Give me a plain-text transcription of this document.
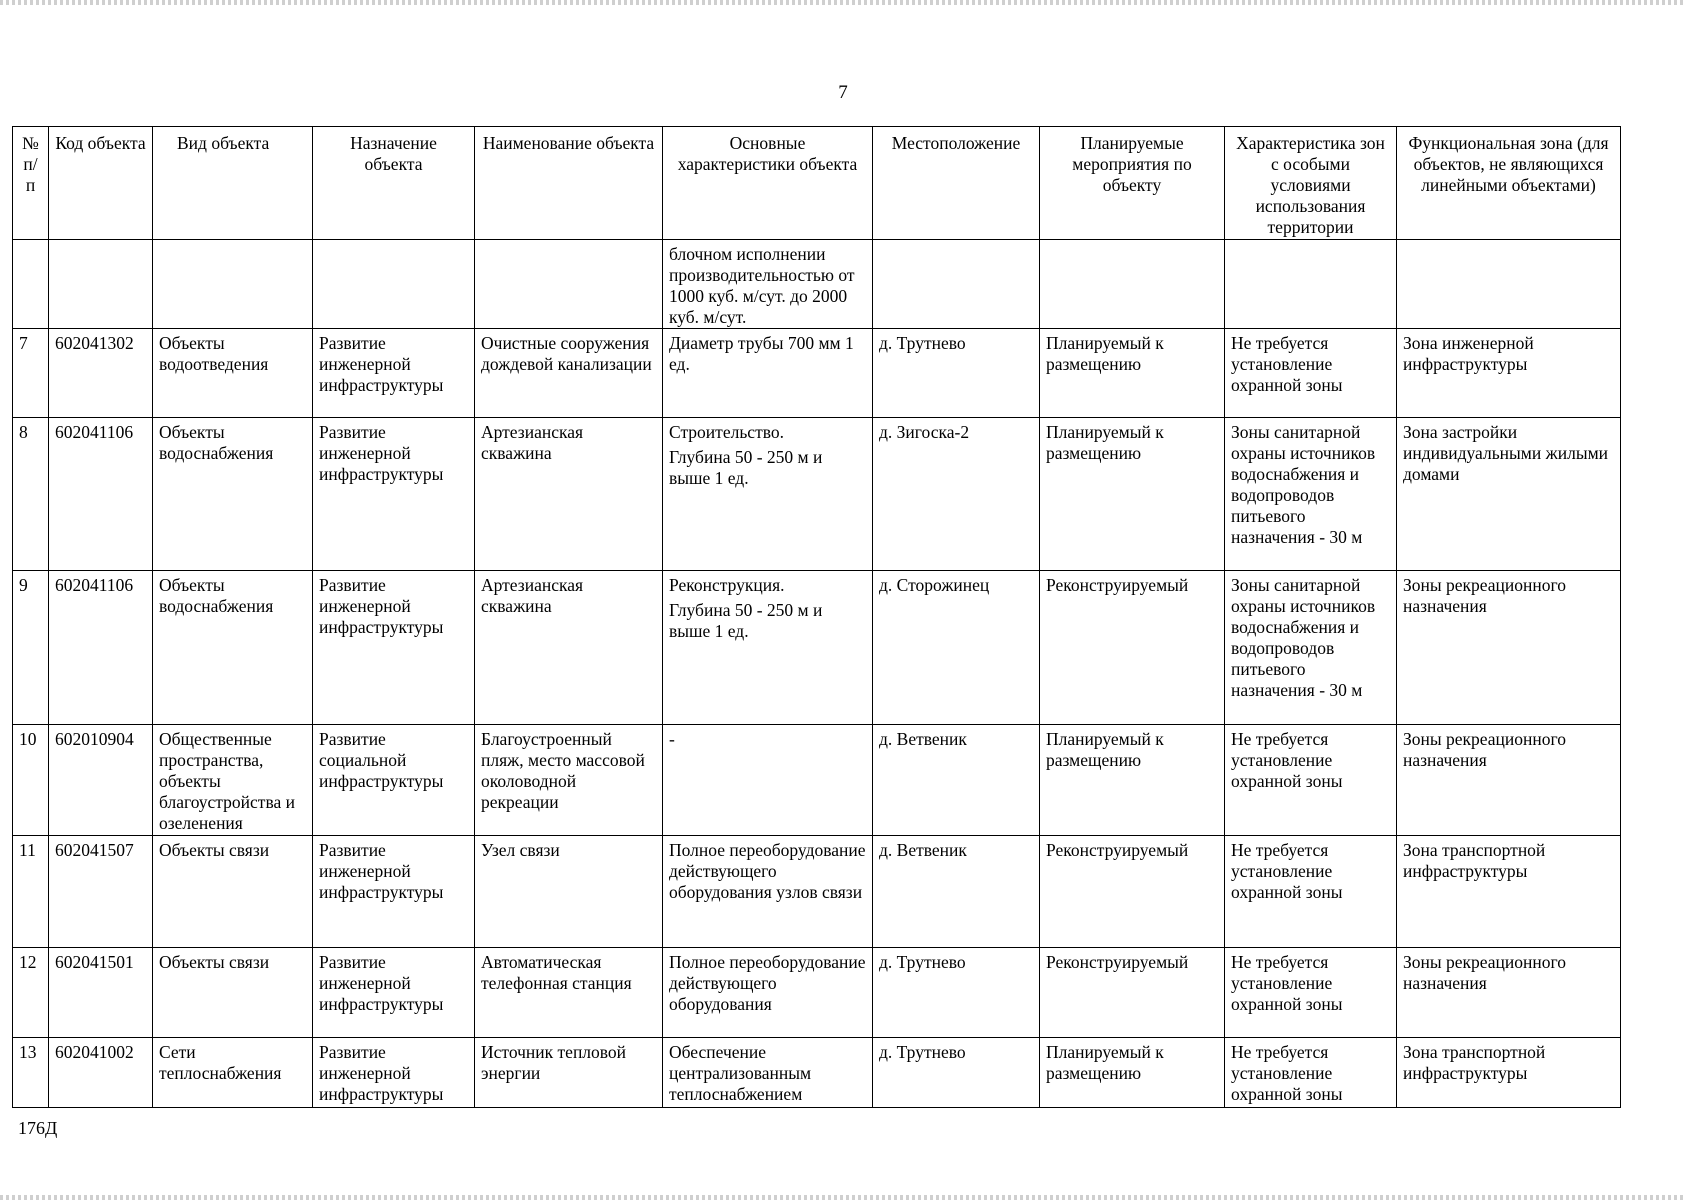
7
№ п/п	Код объекта	Вид объекта	Назначение объекта	Наименование объекта	Основные характеристики объекта	Местоположение	Планируемые мероприятия по объекту	Характеристика зон с особыми условиями использования территории	Функциональная зона (для объектов, не являющихся линейными объектами)
					блочном исполнении производительностью от 1000 куб. м/сут. до 2000 куб. м/сут.				
7	602041302	Объекты водоотведения	Развитие инженерной инфраструктуры	Очистные сооружения дождевой канализации	Диаметр трубы 700 мм 1 ед.	д. Трутнево	Планируемый к размещению	Не требуется установление охранной зоны	Зона инженерной инфраструктуры
8	602041106	Объекты водоснабжения	Развитие инженерной инфраструктуры	Артезианская скважина	Строительство.

Глубина 50 - 250 м и выше 1 ед.	д. Зигоска-2	Планируемый к размещению	Зоны санитарной охраны источников водоснабжения и водопроводов питьевого назначения - 30 м	Зона застройки индивидуальными жилыми домами
9	602041106	Объекты водоснабжения	Развитие инженерной инфраструктуры	Артезианская скважина	Реконструкция.

Глубина 50 - 250 м и выше 1 ед.	д. Сторожинец	Реконструируемый	Зоны санитарной охраны источников водоснабжения и водопроводов питьевого назначения - 30 м	Зоны рекреационного назначения
10	602010904	Общественные пространства, объекты благоустройства и озеленения	Развитие социальной инфраструктуры	Благоустроенный пляж, место массовой околоводной рекреации	-	д. Ветвеник	Планируемый к размещению	Не требуется установление охранной зоны	Зоны рекреационного назначения
11	602041507	Объекты связи	Развитие инженерной инфраструктуры	Узел связи	Полное переоборудование действующего оборудования узлов связи	д. Ветвеник	Реконструируемый	Не требуется установление охранной зоны	Зона транспортной инфраструктуры
12	602041501	Объекты связи	Развитие инженерной инфраструктуры	Автоматическая телефонная станция	Полное переоборудование действующего оборудования	д. Трутнево	Реконструируемый	Не требуется установление охранной зоны	Зоны рекреационного назначения
13	602041002	Сети теплоснабжения	Развитие инженерной инфраструктуры	Источник тепловой энергии	Обеспечение централизованным теплоснабжением	д. Трутнево	Планируемый к размещению	Не требуется установление охранной зоны	Зона транспортной инфраструктуры
176Д
